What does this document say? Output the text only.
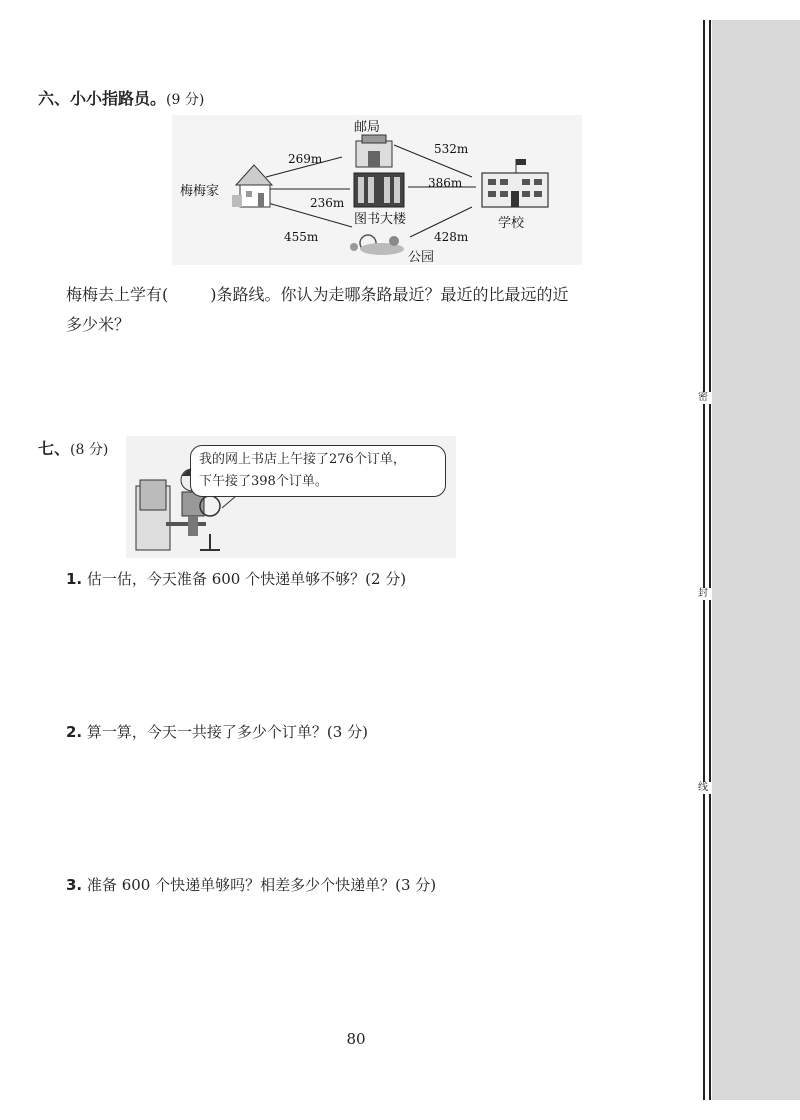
密
封
线
六、小小指路员。(9 分)
梅梅家
邮局
图书大楼
公园
学校
269m
236m
455m
532m
386m
428m
梅梅去上学有(	)条路线。你认为走哪条路最近？最近的比最远的近
多少米？
七、(8 分)
我的网上书店上午接了276个订单，
下午接了398个订单。
1. 估一估，今天准备 600 个快递单够不够？(2 分)
2. 算一算，今天一共接了多少个订单？(3 分)
3. 准备 600 个快递单够吗？相差多少个快递单？(3 分)
80
